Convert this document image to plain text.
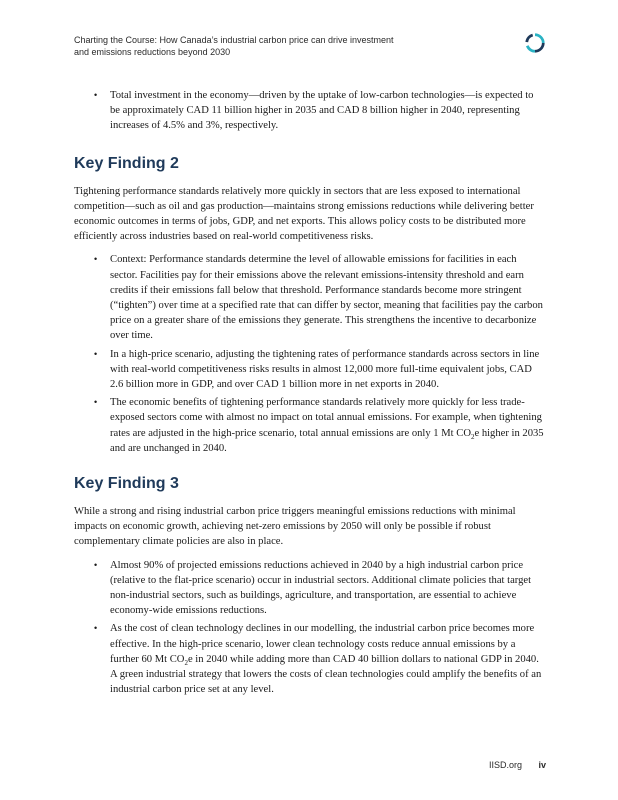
Charting the Course: How Canada’s industrial carbon price can drive investment
and emissions reductions beyond 2030
• Total investment in the economy—driven by the uptake of low-carbon technologies—is expected to be approximately CAD 11 billion higher in 2035 and CAD 8 billion higher in 2040, representing increases of 4.5% and 3%, respectively.
Key Finding 2

Tightening performance standards relatively more quickly in sectors that are less exposed to international competition—such as oil and gas production—maintains strong emissions reductions while delivering better economic outcomes in terms of jobs, GDP, and net exports. This allows policy costs to be distributed more efficiently across industries based on real-world competitiveness risks.

• Context: Performance standards determine the level of allowable emissions for facilities in each sector. Facilities pay for their emissions above the relevant emissions-intensity threshold and earn credits if their emissions fall below that threshold. Performance standards become more stringent (“tighten”) over time at a specified rate that can differ by sector, meaning that facilities pay the carbon price on a greater share of the emissions they generate. This strengthens the incentive to decarbonize over time.
• In a high-price scenario, adjusting the tightening rates of performance standards across sectors in line with real-world competitiveness risks results in almost 12,000 more full-time equivalent jobs, CAD 2.6 billion more in GDP, and over CAD 1 billion more in net exports in 2040.
• The economic benefits of tightening performance standards relatively more quickly for less trade-exposed sectors come with almost no impact on total annual emissions. For example, when tightening rates are adjusted in the high-price scenario, total annual emissions are only 1 Mt $CO_2e$ higher in 2035 and are unchanged in 2040.
Key Finding 3

While a strong and rising industrial carbon price triggers meaningful emissions reductions with minimal impacts on economic growth, achieving net-zero emissions by 2050 will only be possible if robust complementary climate policies are also in place.

• Almost 90% of projected emissions reductions achieved in 2040 by a high industrial carbon price (relative to the flat-price scenario) occur in industrial sectors. Additional climate policies that target non-industrial sectors, such as buildings, agriculture, and transportation, are essential to achieve economy-wide emissions reductions.
• As the cost of clean technology declines in our modelling, the industrial carbon price becomes more effective. In the high-price scenario, lower clean technology costs reduce annual emissions by a further 60 Mt $CO_2e$ in 2040 while adding more than CAD 40 billion dollars to national GDP in 2040. A green industrial strategy that lowers the costs of clean technologies could amplify the benefits of an industrial carbon price set at any level.
IISD.org iv
